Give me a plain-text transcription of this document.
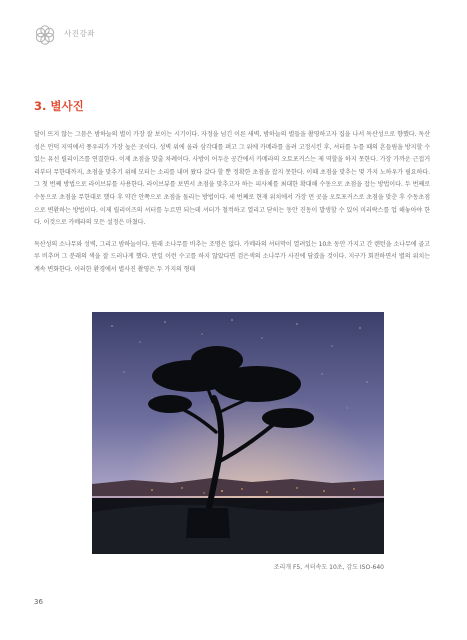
사진강좌
3. 별사진

달이 뜨지 않는 그믐은 밤하늘의 별이 가장 잘 보이는 시기이다. 자정을 넘긴 이른 새벽, 밤하늘의 별들을 촬영하고자 집을 나서 독산성으로 향했다. 독산성은 언덕 지역에서 풍우리가 가장 높은 곳이다. 성벽 위에 올라 삼각대를 펴고 그 위에 카메라를 올려 고정시킨 후, 셔터를 누를 때의 흔들림을 방지할 수 있는 유선 릴리이즈를 연결한다. 이제 초점을 맞출 차례이다. 사방이 어두운 공간에서 카메라의 오토포커스는 제 역할을 하지 못한다. 가장 가까운 근접거리부터 무한대까지, 초점을 맞추기 위해 모터는 소리를 내며 왔다 갔다 할 뿐 정확한 초점을 잡지 못한다. 이때 초점을 맞추는 몇 가지 노하우가 필요하다. 그 첫 번째 방법으로 라이브뷰를 사용한다. 라이브뷰를 보면서 초점을 맞추고자 하는 피사체를 최대한 확대해 수동으로 초점을 잡는 방법이다. 두 번째로 수동으로 초점을 무한대로 했다 후 약간 안쪽으로 초점을 돌리는 방법이다. 세 번째로 현재 위치에서 가장 먼 곳을 오토포커스로 초점을 맞춘 후 수동초점으로 변환하는 방법이다. 이제 릴리이즈의 셔터를 누르면 되는데 셔터가 철컥하고 열리고 닫히는 동안 진동이 발생할 수 있어 미러락스를 업 해놓아야 한다. 이것으로 카메라의 모든 설정은 마쳤다.

독산성의 소나무와 성벽, 그리고 밤하늘이다. 원래 소나무를 비추는 조명은 없다. 카메라의 셔터막이 열려있는 10초 동안 가지고 간 랜턴을 소나무에 골고루 비추며 그 분래의 색을 잘 드러나게 했다. 만일 이런 수고를 하지 않았다면 검은색의 소나무가 사진에 담겼을 것이다. 지구가 회전하면서 별의 위치는 계속 변화한다. 이러한 환경에서 별사진 촬영은 두 가지의 형태

조리개 F5, 셔터속도 10초, 감도 ISO-640
36
